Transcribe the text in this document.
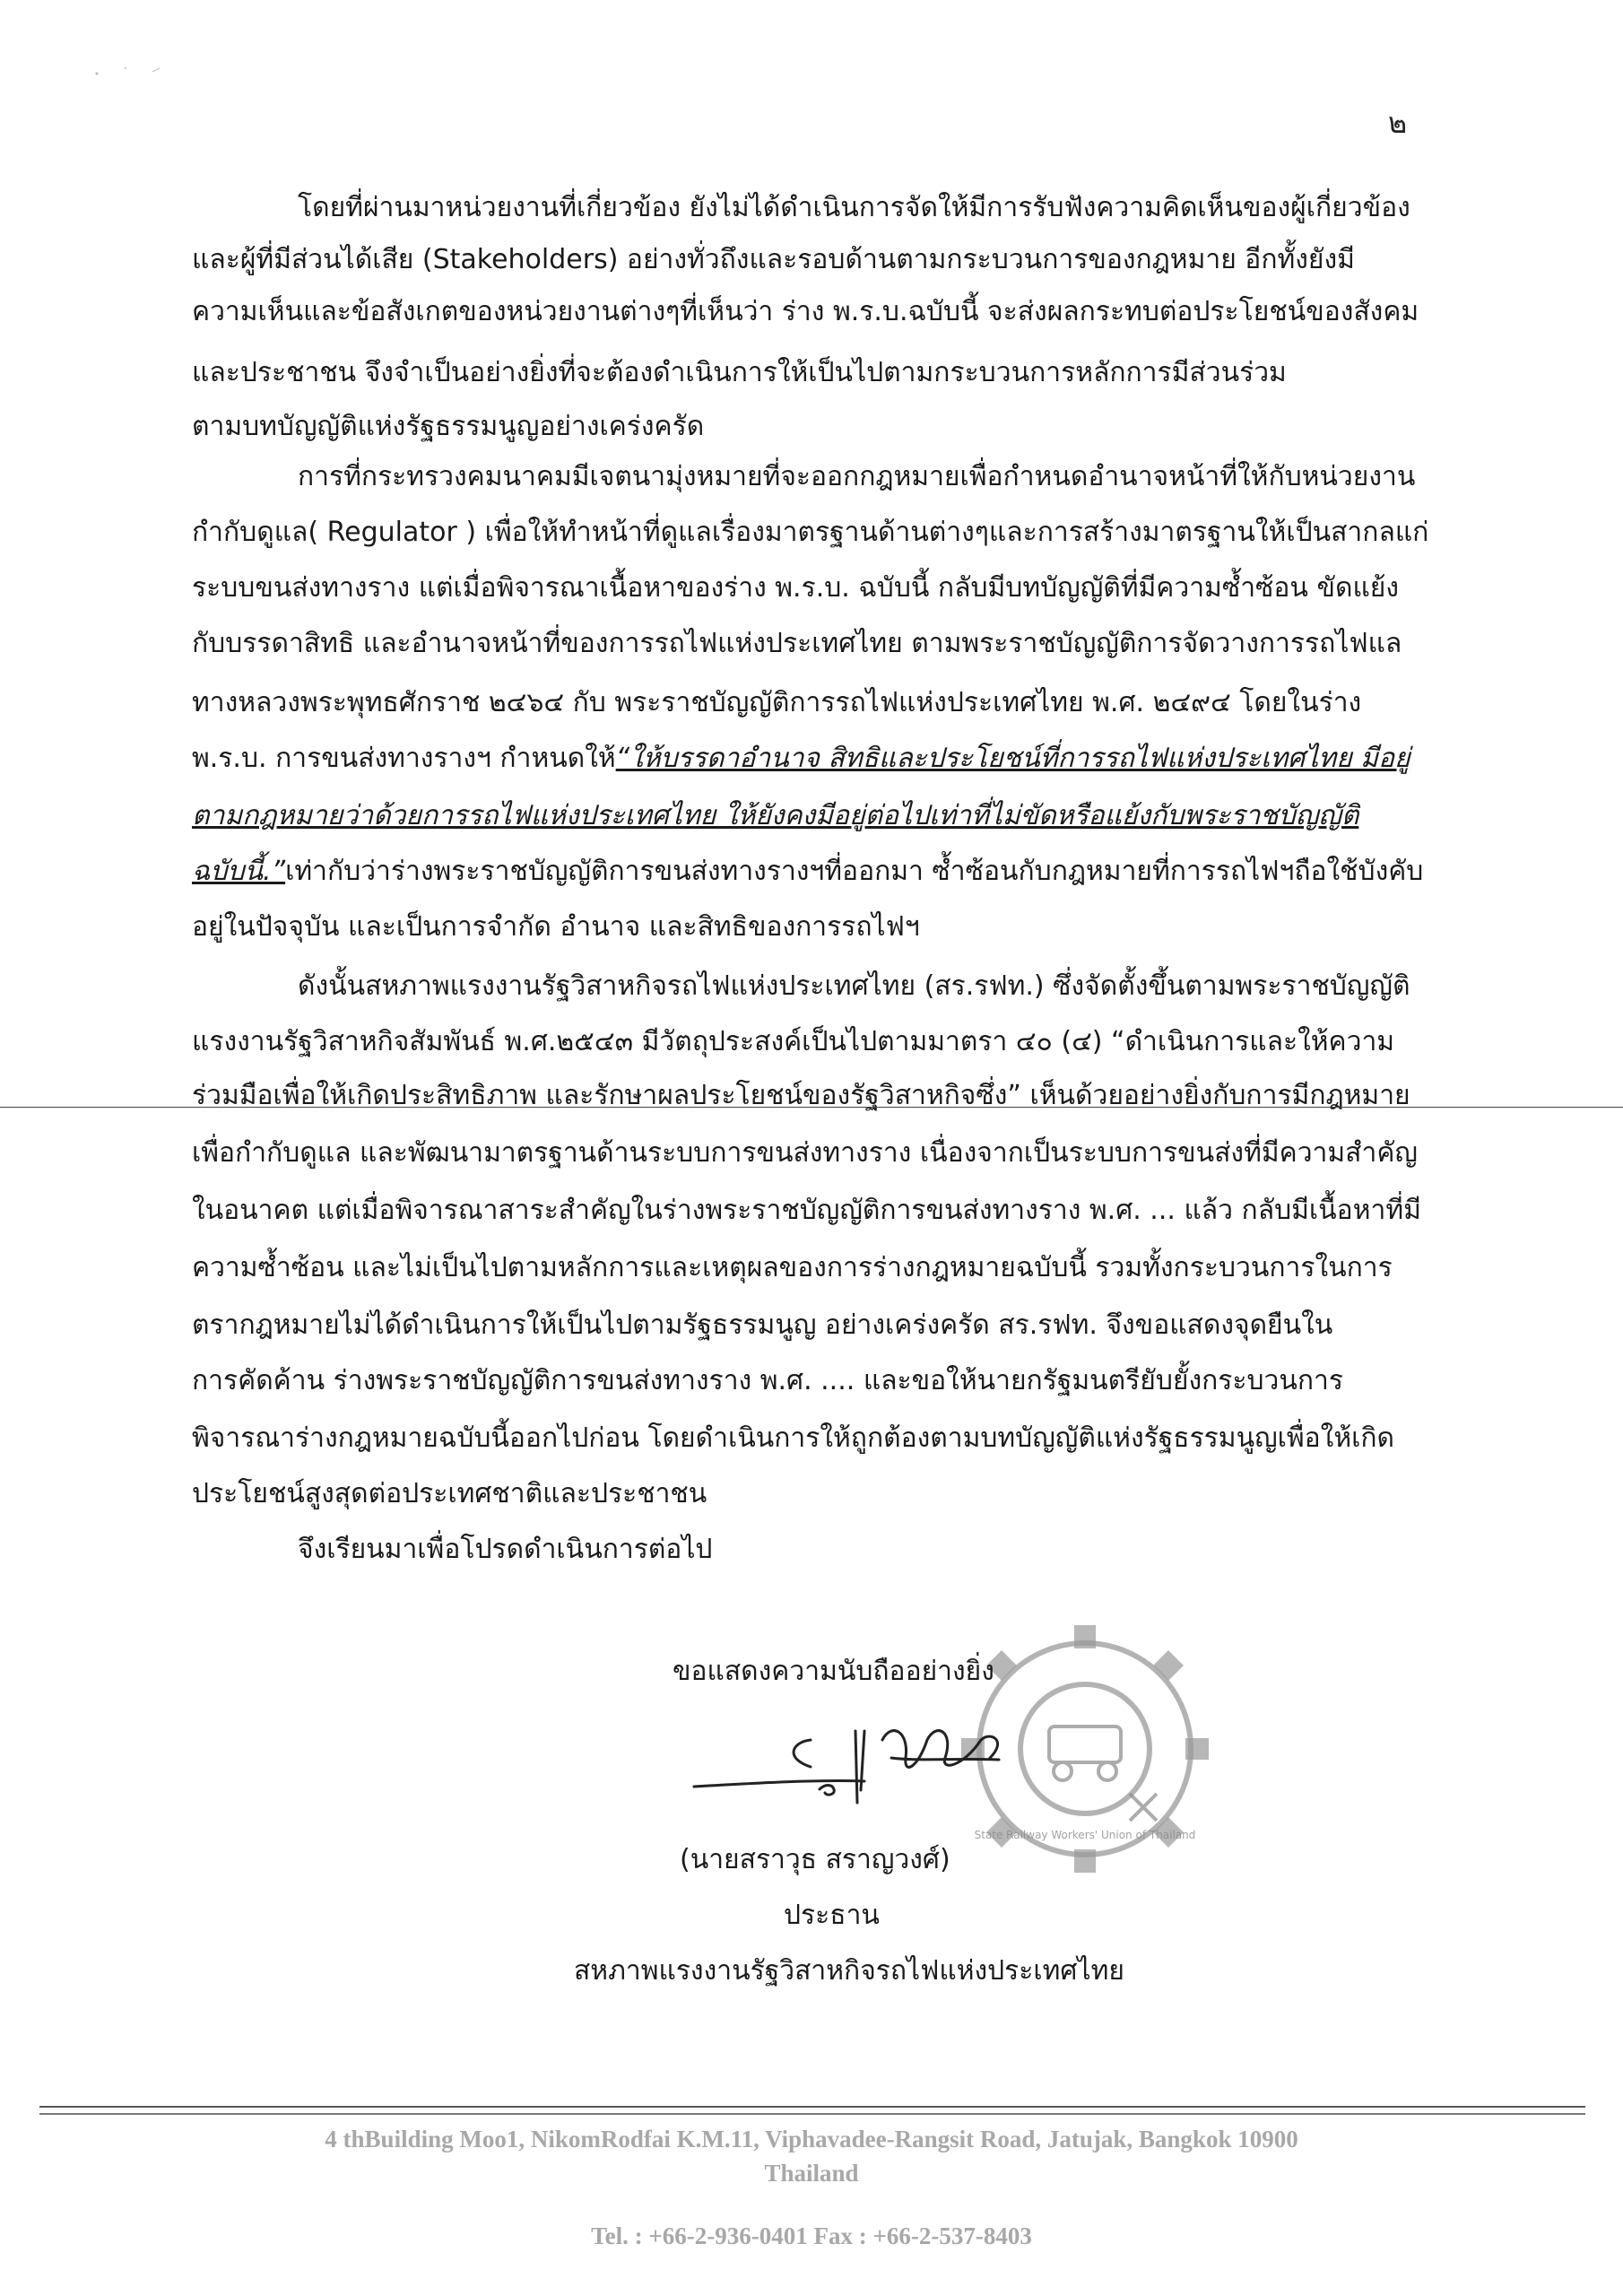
๒

โดยที่ผ่านมาหน่วยงานที่เกี่ยวข้อง ยังไม่ได้ดำเนินการจัดให้มีการรับฟังความคิดเห็นของผู้เกี่ยวข้อง

และผู้ที่มีส่วนได้เสีย (Stakeholders) อย่างทั่วถึงและรอบด้านตามกระบวนการของกฎหมาย อีกทั้งยังมี

ความเห็นและข้อสังเกตของหน่วยงานต่างๆที่เห็นว่า ร่าง พ.ร.บ.ฉบับนี้ จะส่งผลกระทบต่อประโยชน์ของสังคม

และประชาชน จึงจำเป็นอย่างยิ่งที่จะต้องดำเนินการให้เป็นไปตามกระบวนการหลักการมีส่วนร่วม

ตามบทบัญญัติแห่งรัฐธรรมนูญอย่างเคร่งครัด

การที่กระทรวงคมนาคมมีเจตนามุ่งหมายที่จะออกกฎหมายเพื่อกำหนดอำนาจหน้าที่ให้กับหน่วยงาน

กำกับดูแล( Regulator ) เพื่อให้ทำหน้าที่ดูแลเรื่องมาตรฐานด้านต่างๆและการสร้างมาตรฐานให้เป็นสากลแก่

ระบบขนส่งทางราง แต่เมื่อพิจารณาเนื้อหาของร่าง พ.ร.บ. ฉบับนี้ กลับมีบทบัญญัติที่มีความซ้ำซ้อน ขัดแย้ง

กับบรรดาสิทธิ และอำนาจหน้าที่ของการรถไฟแห่งประเทศไทย ตามพระราชบัญญัติการจัดวางการรถไฟแล

ทางหลวงพระพุทธศักราช ๒๔๖๔ กับ พระราชบัญญัติการรถไฟแห่งประเทศไทย พ.ศ. ๒๔๙๔ โดยในร่าง

พ.ร.บ. การขนส่งทางรางฯ กำหนดให้“ให้บรรดาอำนาจ สิทธิและประโยชน์ที่การรถไฟแห่งประเทศไทย มีอยู่

ตามกฎหมายว่าด้วยการรถไฟแห่งประเทศไทย ให้ยังคงมีอยู่ต่อไปเท่าที่ไม่ขัดหรือแย้งกับพระราชบัญญัติ

ฉบับนี้.”เท่ากับว่าร่างพระราชบัญญัติการขนส่งทางรางฯที่ออกมา ซ้ำซ้อนกับกฎหมายที่การรถไฟฯถือใช้บังคับ

อยู่ในปัจจุบัน และเป็นการจำกัด อำนาจ และสิทธิของการรถไฟฯ

ดังนั้นสหภาพแรงงานรัฐวิสาหกิจรถไฟแห่งประเทศไทย (สร.รฟท.) ซึ่งจัดตั้งขึ้นตามพระราชบัญญัติ

แรงงานรัฐวิสาหกิจสัมพันธ์ พ.ศ.๒๕๔๓ มีวัตถุประสงค์เป็นไปตามมาตรา ๔๐ (๔) “ดำเนินการและให้ความ

ร่วมมือเพื่อให้เกิดประสิทธิภาพ และรักษาผลประโยชน์ของรัฐวิสาหกิจซึ่ง” เห็นด้วยอย่างยิ่งกับการมีกฎหมาย

เพื่อกำกับดูแล และพัฒนามาตรฐานด้านระบบการขนส่งทางราง เนื่องจากเป็นระบบการขนส่งที่มีความสำคัญ

ในอนาคต แต่เมื่อพิจารณาสาระสำคัญในร่างพระราชบัญญัติการขนส่งทางราง พ.ศ. ... แล้ว กลับมีเนื้อหาที่มี

ความซ้ำซ้อน และไม่เป็นไปตามหลักการและเหตุผลของการร่างกฎหมายฉบับนี้ รวมทั้งกระบวนการในการ

ตรากฎหมายไม่ได้ดำเนินการให้เป็นไปตามรัฐธรรมนูญ อย่างเคร่งครัด สร.รฟท. จึงขอแสดงจุดยืนใน

การคัดค้าน ร่างพระราชบัญญัติการขนส่งทางราง พ.ศ. .... และขอให้นายกรัฐมนตรียับยั้งกระบวนการ

พิจารณาร่างกฎหมายฉบับนี้ออกไปก่อน โดยดำเนินการให้ถูกต้องตามบทบัญญัติแห่งรัฐธรรมนูญเพื่อให้เกิด

ประโยชน์สูงสุดต่อประเทศชาติและประชาชน

จึงเรียนมาเพื่อโปรดดำเนินการต่อไป

State Railway Workers' Union of Thailand
ขอแสดงความนับถืออย่างยิ่ง
(นายสราวุธ สราญวงศ์)
ประธาน
สหภาพแรงงานรัฐวิสาหกิจรถไฟแห่งประเทศไทย
4 thBuilding Moo1, NikomRodfai K.M.11, Viphavadee-Rangsit Road, Jatujak, Bangkok 10900
Thailand
Tel. : +66-2-936-0401 Fax : +66-2-537-8403
